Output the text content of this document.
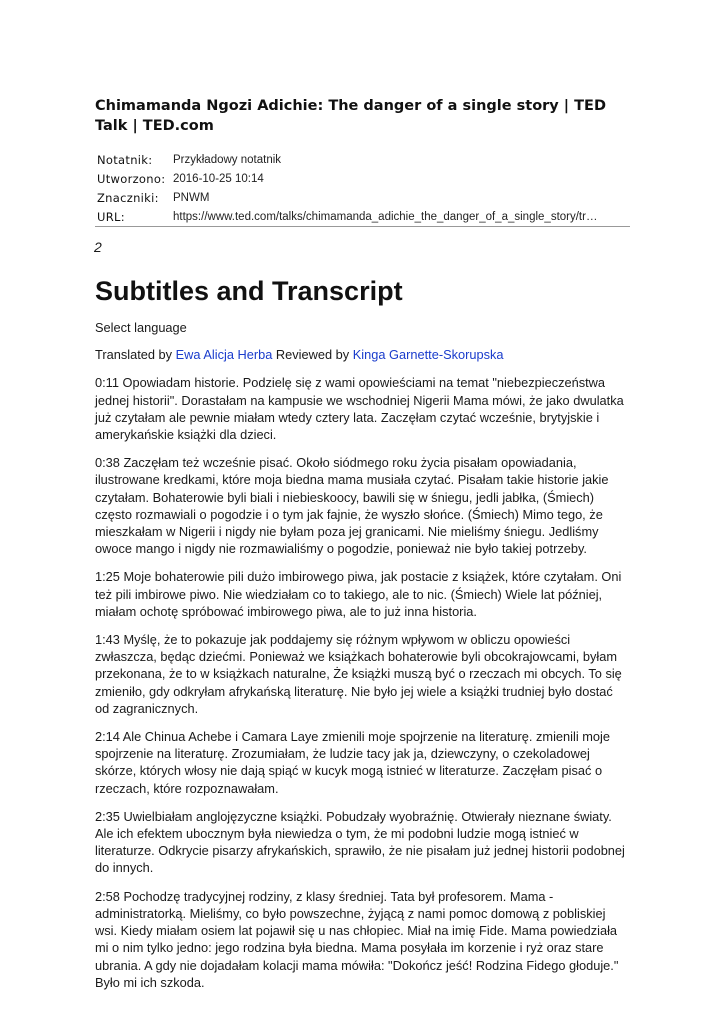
Chimamanda Ngozi Adichie: The danger of a single story | TED Talk | TED.com
Notatnik:	Przykładowy notatnik

Utworzono:	2016-10-25 10:14

Znaczniki:	PNWM

URL:	https://www.ted.com/talks/chimamanda_adichie_the_danger_of_a_single_story/tr…
2
Subtitles and Transcript

Select language

Translated by Ewa Alicja Herba Reviewed by Kinga Garnette-Skorupska

0:11 Opowiadam historie. Podzielę się z wami opowieściami na temat "niebezpieczeństwa jednej historii". Dorastałam na kampusie we wschodniej Nigerii Mama mówi, że jako dwulatka już czytałam ale pewnie miałam wtedy cztery lata. Zaczęłam czytać wcześnie, brytyjskie i amerykańskie książki dla dzieci.

0:38 Zaczęłam też wcześnie pisać. Około siódmego roku życia pisałam opowiadania, ilustrowane kredkami, które moja biedna mama musiała czytać. Pisałam takie historie jakie czytałam. Bohaterowie byli biali i niebieskoocy, bawili się w śniegu, jedli jabłka, (Śmiech) często rozmawiali o pogodzie i o tym jak fajnie, że wyszło słońce. (Śmiech) Mimo tego, że mieszkałam w Nigerii i nigdy nie byłam poza jej granicami. Nie mieliśmy śniegu. Jedliśmy owoce mango i nigdy nie rozmawialiśmy o pogodzie, ponieważ nie było takiej potrzeby.

1:25 Moje bohaterowie pili dużo imbirowego piwa, jak postacie z książek, które czytałam. Oni też pili imbirowe piwo. Nie wiedziałam co to takiego, ale to nic. (Śmiech) Wiele lat później, miałam ochotę spróbować imbirowego piwa, ale to już inna historia.

1:43 Myślę, że to pokazuje jak poddajemy się różnym wpływom w obliczu opowieści zwłaszcza, będąc dziećmi. Ponieważ we książkach bohaterowie byli obcokrajowcami, byłam przekonana, że to w książkach naturalne, Że książki muszą być o rzeczach mi obcych. To się zmieniło, gdy odkryłam afrykańską literaturę. Nie było jej wiele a książki trudniej było dostać od zagranicznych.

2:14 Ale Chinua Achebe i Camara Laye zmienili moje spojrzenie na literaturę. zmienili moje spojrzenie na literaturę. Zrozumiałam, że ludzie tacy jak ja, dziewczyny, o czekoladowej skórze, których włosy nie dają spiąć w kucyk mogą istnieć w literaturze. Zaczęłam pisać o rzeczach, które rozpoznawałam.

2:35 Uwielbiałam anglojęzyczne książki. Pobudzały wyobraźnię. Otwierały nieznane światy. Ale ich efektem ubocznym była niewiedza o tym, że mi podobni ludzie mogą istnieć w literaturze. Odkrycie pisarzy afrykańskich, sprawiło, że nie pisałam już jednej historii podobnej do innych.

2:58 Pochodzę tradycyjnej rodziny, z klasy średniej. Tata był profesorem. Mama - administratorką. Mieliśmy, co było powszechne, żyjącą z nami pomoc domową z pobliskiej wsi. Kiedy miałam osiem lat pojawił się u nas chłopiec. Miał na imię Fide. Mama powiedziała mi o nim tylko jedno: jego rodzina była biedna. Mama posyłała im korzenie i ryż oraz stare ubrania. A gdy nie dojadałam kolacji mama mówiła: "Dokończ jeść! Rodzina Fidego głoduje." Było mi ich szkoda.
